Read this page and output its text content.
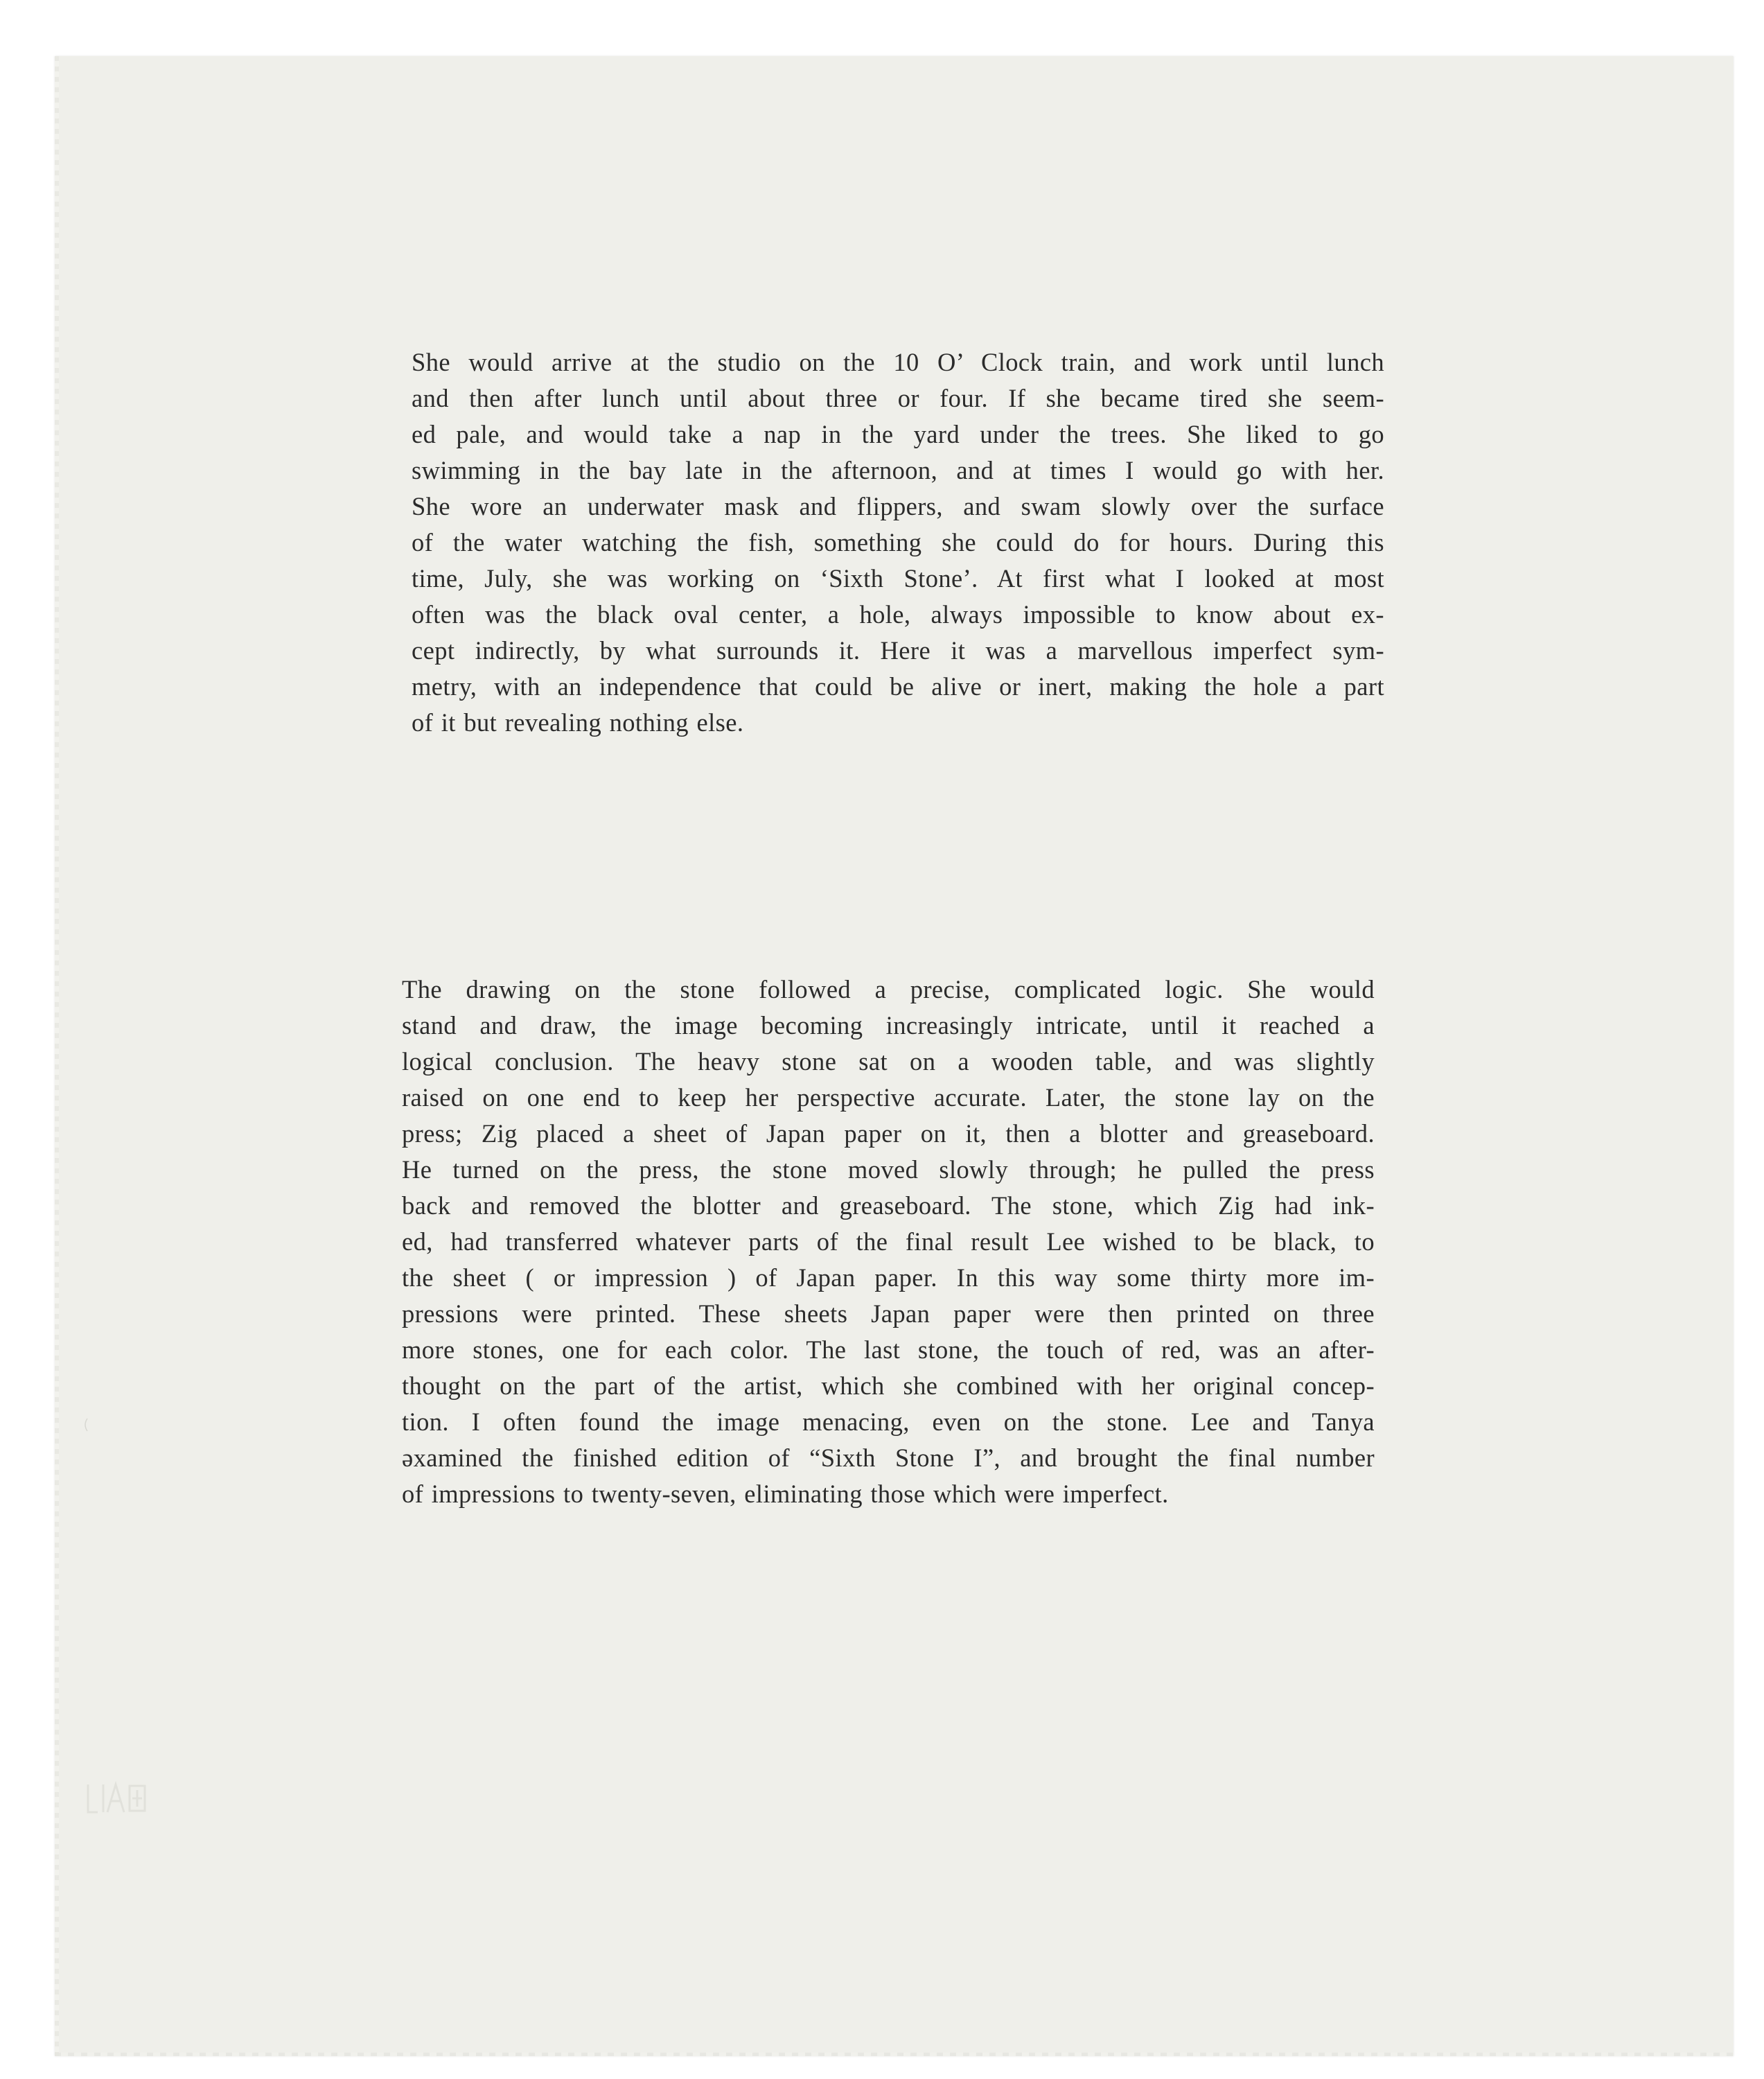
She would arrive at the studio on the 10 O’ Clock train, and work until lunch
and then after lunch until about three or four. If she became tired she seem-
ed pale, and would take a nap in the yard under the trees. She liked to go
swimming in the bay late in the afternoon, and at times I would go with her.
She wore an underwater mask and flippers, and swam slowly over the surface
of the water watching the fish, something she could do for hours. During this
time, July, she was working on ‘Sixth Stone’. At first what I looked at most
often was the black oval center, a hole, always impossible to know about ex-
cept indirectly, by what surrounds it. Here it was a marvellous imperfect sym-
metry, with an independence that could be alive or inert, making the hole a part
of it but revealing nothing else.
The drawing on the stone followed a precise, complicated logic. She would
stand and draw, the image becoming increasingly intricate, until it reached a
logical conclusion. The heavy stone sat on a wooden table, and was slightly
raised on one end to keep her perspective accurate. Later, the stone lay on the
press; Zig placed a sheet of Japan paper on it, then a blotter and greaseboard.
He turned on the press, the stone moved slowly through; he pulled the press
back and removed the blotter and greaseboard. The stone, which Zig had ink-
ed, had transferred whatever parts of the final result Lee wished to be black, to
the sheet ( or impression ) of Japan paper. In this way some thirty more im-
pressions were printed. These sheets Japan paper were then printed on three
more stones, one for each color. The last stone, the touch of red, was an after-
thought on the part of the artist, which she combined with her original concep-
tion. I often found the image menacing, even on the stone. Lee and Tanya
əxamined the finished edition of “Sixth Stone I”, and brought the final number
of impressions to twenty-seven, eliminating those which were imperfect.
